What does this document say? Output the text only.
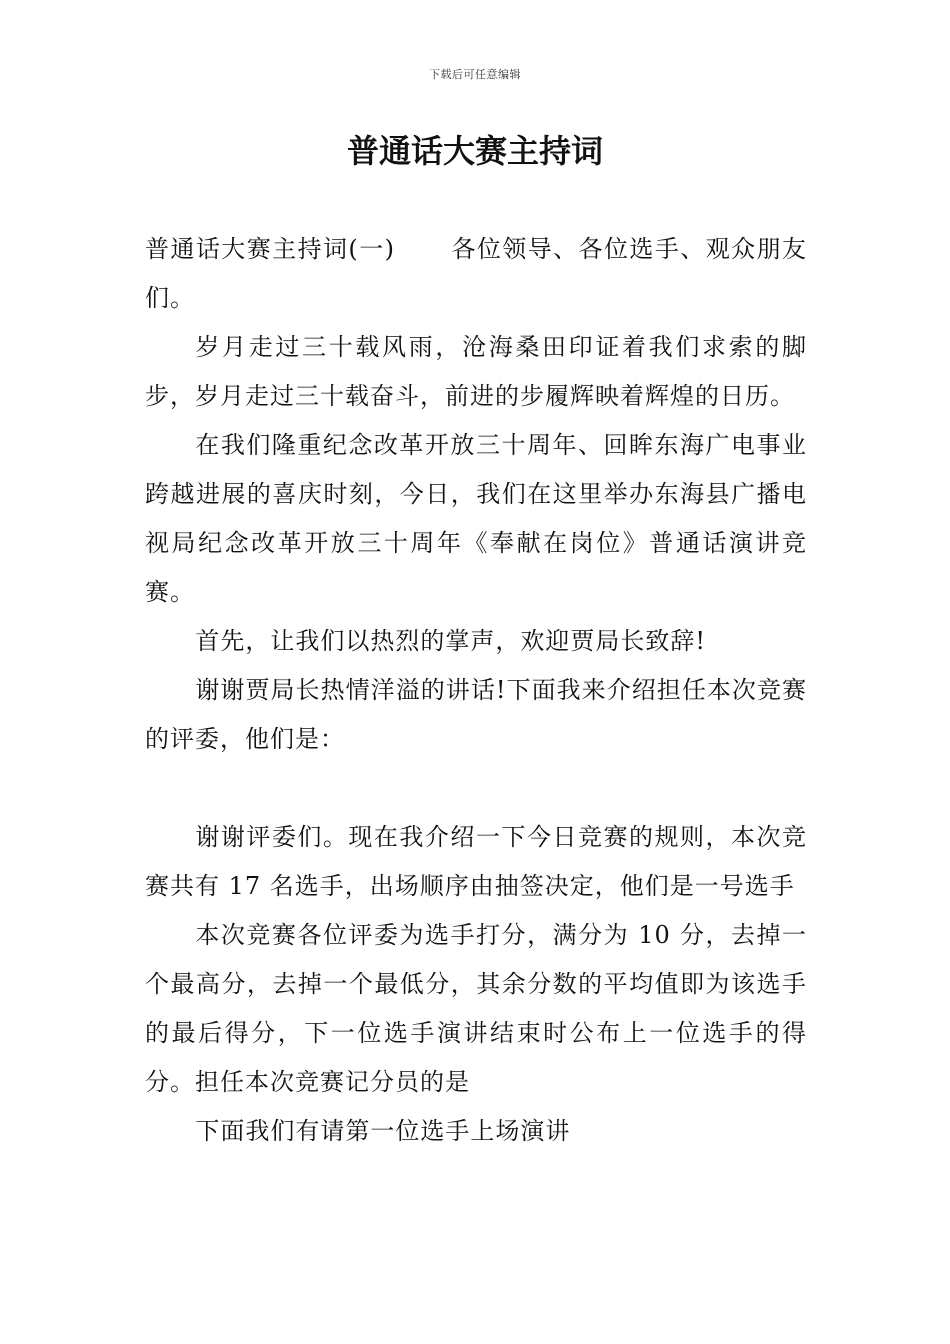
下载后可任意编辑
普通话大赛主持词

普通话大赛主持词(一) 各位领导、各位选手、观众朋友们。

岁月走过三十载风雨，沧海桑田印证着我们求索的脚步，岁月走过三十载奋斗，前进的步履辉映着辉煌的日历。

在我们隆重纪念改革开放三十周年、回眸东海广电事业跨越进展的喜庆时刻，今日，我们在这里举办东海县广播电视局纪念改革开放三十周年《奉献在岗位》普通话演讲竞赛。

首先，让我们以热烈的掌声，欢迎贾局长致辞!

谢谢贾局长热情洋溢的讲话!下面我来介绍担任本次竞赛的评委，他们是：

谢谢评委们。现在我介绍一下今日竞赛的规则，本次竞赛共有 17 名选手，出场顺序由抽签决定，他们是一号选手

本次竞赛各位评委为选手打分，满分为 10 分，去掉一个最高分，去掉一个最低分，其余分数的平均值即为该选手的最后得分，下一位选手演讲结束时公布上一位选手的得分。担任本次竞赛记分员的是

下面我们有请第一位选手上场演讲
